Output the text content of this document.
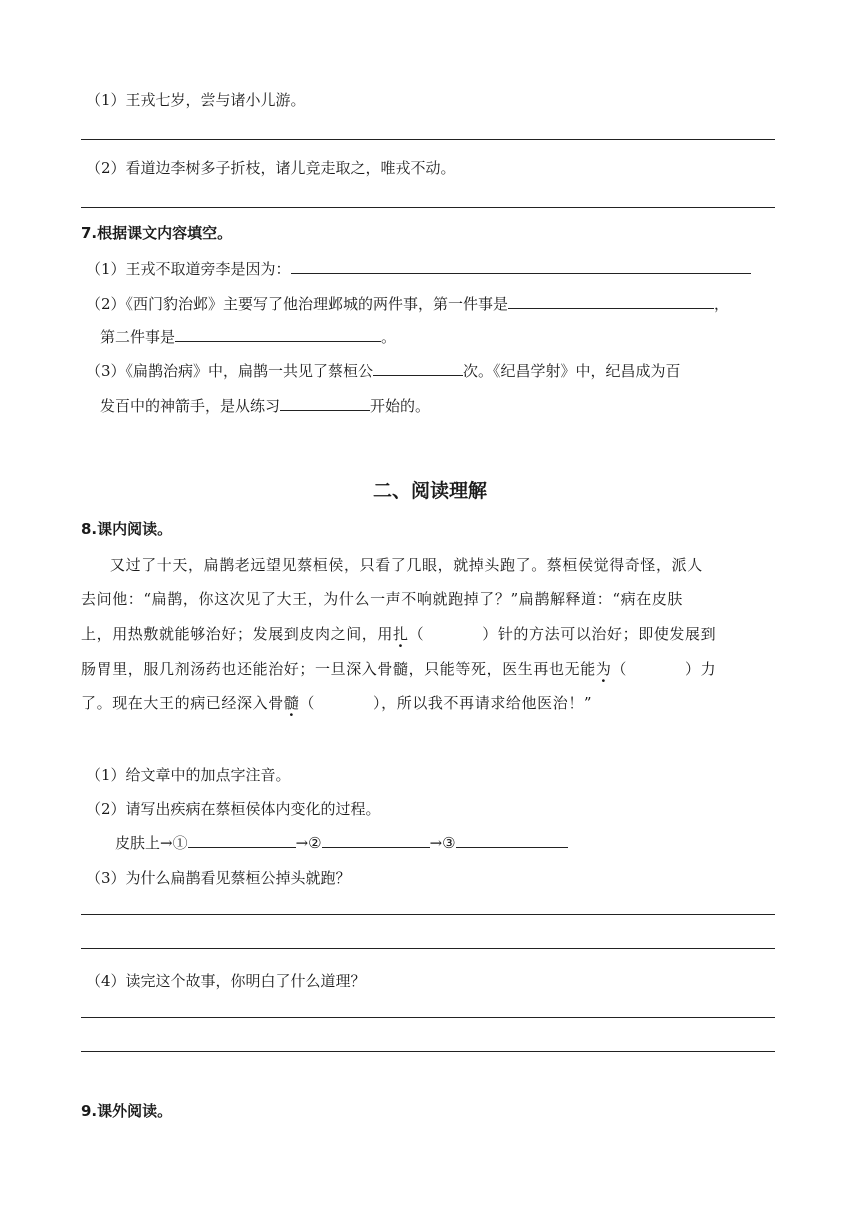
（1）王戎七岁，尝与诸小儿游。
（2）看道边李树多子折枝，诸儿竞走取之，唯戎不动。
7.根据课文内容填空。
（1）王戎不取道旁李是因为：
（2）《西门豹治邺》主要写了他治理邺城的两件事，第一件事是	，
第二件事是	。
（3）《扁鹊治病》中，扁鹊一共见了蔡桓公	次。《纪昌学射》中，纪昌成为百
发百中的神箭手，是从练习	开始的。
二、阅读理解
8.课内阅读。
又过了十天，扁鹊老远望见蔡桓侯，只看了几眼，就掉头跑了。蔡桓侯觉得奇怪，派人
去问他：“扁鹊，你这次见了大王，为什么一声不响就跑掉了？”扁鹊解释道：“病在皮肤
上，用热敷就能够治好；发展到皮肉之间，用扎（	）针的方法可以治好；即使发展到
肠胃里，服几剂汤药也还能治好；一旦深入骨髓，只能等死，医生再也无能为（	）力
了。现在大王的病已经深入骨髓（	），所以我不再请求给他医治！”
（1）给文章中的加点字注音。
（2）请写出疾病在蔡桓侯体内变化的过程。
皮肤上→①	→②	→③
（3）为什么扁鹊看见蔡桓公掉头就跑？
（4）读完这个故事，你明白了什么道理？
9.课外阅读。
